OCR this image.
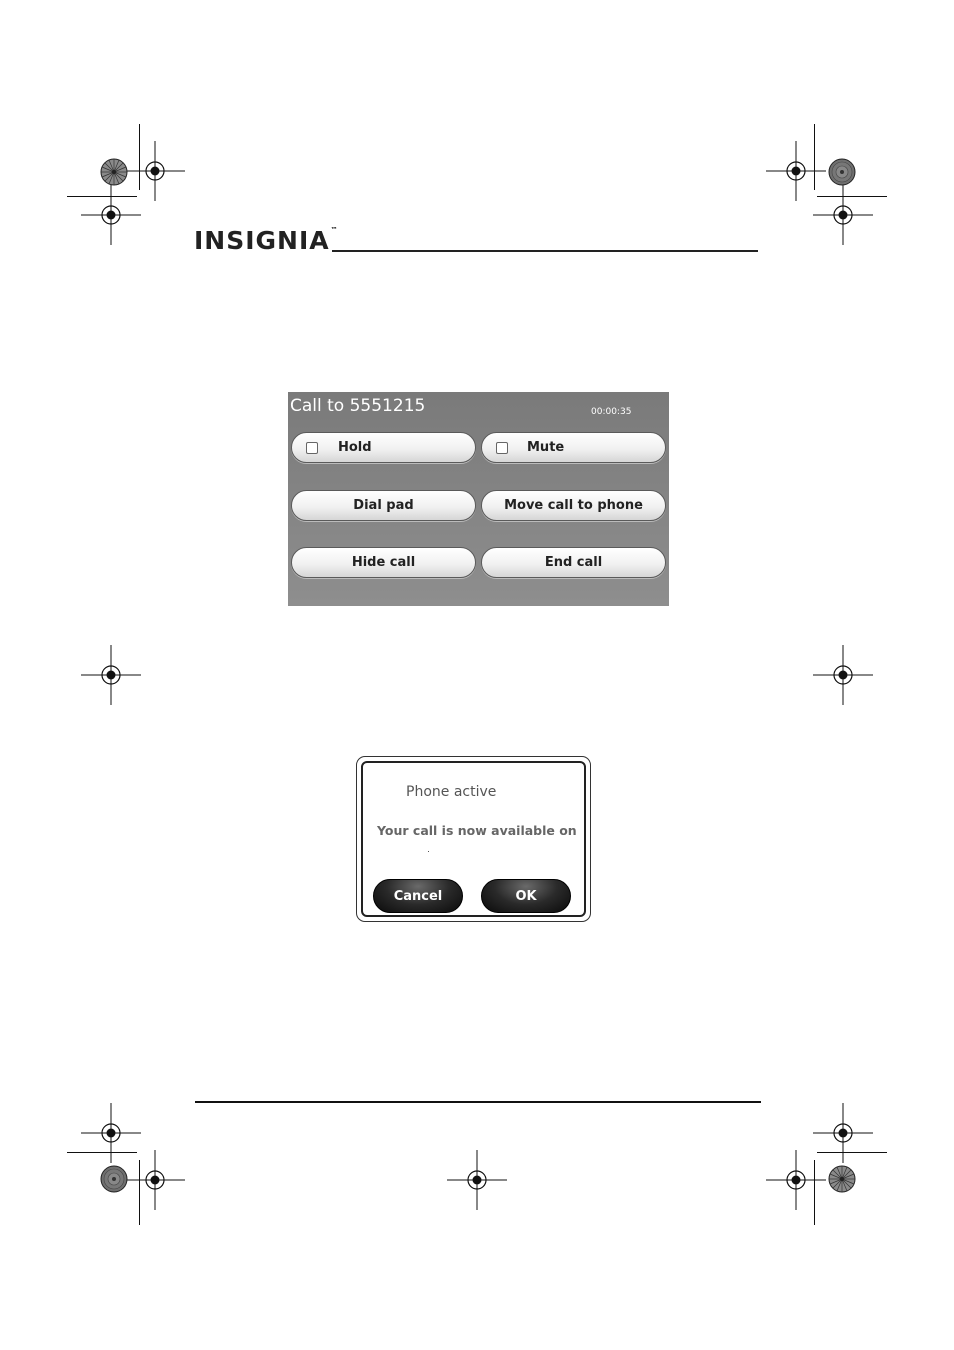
INSIGNIA™
Call to 5551215	00:00:35
Hold	Mute
Dial pad	Move call to phone
Hide call	End call
Phone active
Your call is now available on
Cancel	OK
